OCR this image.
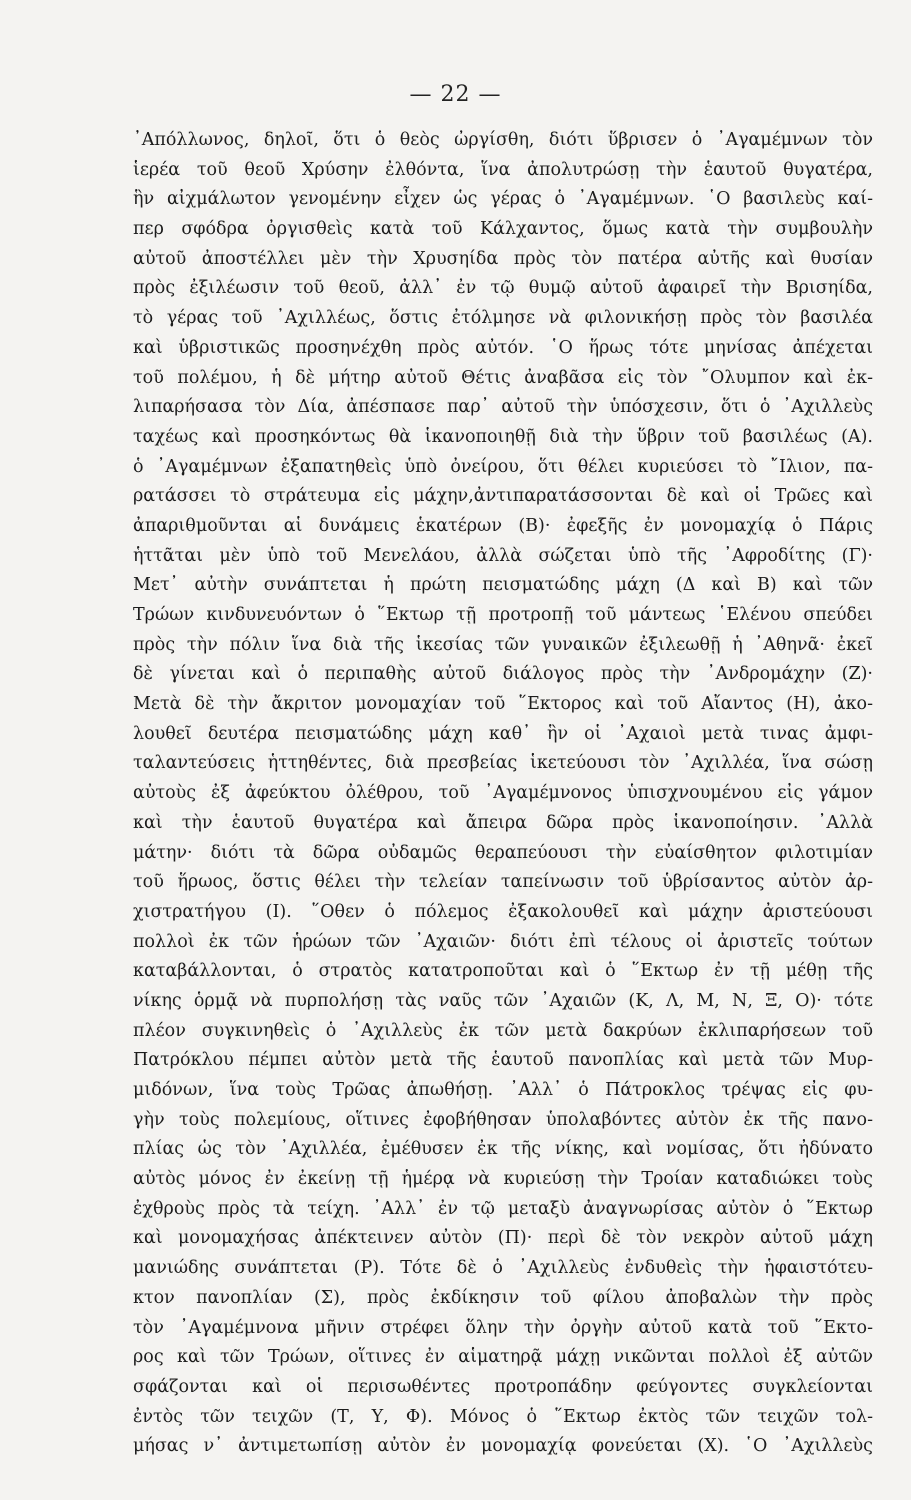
— 22 —
᾿Απόλλωνος, δηλοῖ, ὅτι ὁ θεὸς ὠργίσθη, διότι ὕβρισεν ὁ ᾿Αγαμέμνων τὸν
ἱερέα τοῦ θεοῦ Χρύσην ἐλθόντα, ἵνα ἀπολυτρώσῃ τὴν ἑαυτοῦ θυγατέρα,
ἣν αἰχμάλωτον γενομένην εἶχεν ὡς γέρας ὁ ᾿Αγαμέμνων. ῾Ο βασιλεὺς καί-
περ σφόδρα ὀργισθεὶς κατὰ τοῦ Κάλχαντος, ὅμως κατὰ τὴν συμβουλὴν
αὐτοῦ ἀποστέλλει μὲν τὴν Χρυσηίδα πρὸς τὸν πατέρα αὐτῆς καὶ θυσίαν
πρὸς ἐξιλέωσιν τοῦ θεοῦ, ἀλλ᾿ ἐν τῷ θυμῷ αὐτοῦ ἀφαιρεῖ τὴν Βρισηίδα,
τὸ γέρας τοῦ ᾿Αχιλλέως, ὅστις ἐτόλμησε νὰ φιλονικήσῃ πρὸς τὸν βασιλέα
καὶ ὑβριστικῶς προσηνέχθη πρὸς αὐτόν. ῾Ο ἥρως τότε μηνίσας ἀπέχεται
τοῦ πολέμου, ἡ δὲ μήτηρ αὐτοῦ Θέτις ἀναβᾶσα εἰς τὸν ῎Ολυμπον καὶ ἐκ-
λιπαρήσασα τὸν Δία, ἀπέσπασε παρ᾿ αὐτοῦ τὴν ὑπόσχεσιν, ὅτι ὁ ᾿Αχιλλεὺς
ταχέως καὶ προσηκόντως θὰ ἱκανοποιηθῇ διὰ τὴν ὕβριν τοῦ βασιλέως (Α).
ὁ ᾿Αγαμέμνων ἐξαπατηθεὶς ὑπὸ ὀνείρου, ὅτι θέλει κυριεύσει τὸ ῎Ιλιον, πα-
ρατάσσει τὸ στράτευμα εἰς μάχην,ἀντιπαρατάσσονται δὲ καὶ οἱ Τρῶες καὶ
ἀπαριθμοῦνται αἱ δυνάμεις ἑκατέρων (Β)· ἐφεξῆς ἐν μονομαχίᾳ ὁ Πάρις
ἡττᾶται μὲν ὑπὸ τοῦ Μενελάου, ἀλλὰ σώζεται ὑπὸ τῆς ᾿Αφροδίτης (Γ)·
Μετ᾿ αὐτὴν συνάπτεται ἡ πρώτη πεισματώδης μάχη (Δ καὶ Β) καὶ τῶν
Τρώων κινδυνευόντων ὁ ῞Εκτωρ τῇ προτροπῇ τοῦ μάντεως ῾Ελένου σπεύδει
πρὸς τὴν πόλιν ἵνα διὰ τῆς ἱκεσίας τῶν γυναικῶν ἐξιλεωθῇ ἡ ᾿Αθηνᾶ· ἐκεῖ
δὲ γίνεται καὶ ὁ περιπαθὴς αὐτοῦ διάλογος πρὸς τὴν ᾿Ανδρομάχην (Ζ)·
Μετὰ δὲ τὴν ἄκριτον μονομαχίαν τοῦ ῞Εκτορος καὶ τοῦ Αἴαντος (Η), ἀκο-
λουθεῖ δευτέρα πεισματώδης μάχη καθ᾿ ἣν οἱ ᾿Αχαιοὶ μετὰ τινας ἀμφι-
ταλαντεύσεις ἡττηθέντες, διὰ πρεσβείας ἱκετεύουσι τὸν ᾿Αχιλλέα, ἵνα σώσῃ
αὐτοὺς ἐξ ἀφεύκτου ὀλέθρου, τοῦ ᾿Αγαμέμνονος ὑπισχνουμένου εἰς γάμον
καὶ τὴν ἑαυτοῦ θυγατέρα καὶ ἄπειρα δῶρα πρὸς ἱκανοποίησιν. ᾿Αλλὰ
μάτην· διότι τὰ δῶρα οὐδαμῶς θεραπεύουσι τὴν εὐαίσθητον φιλοτιμίαν
τοῦ ἥρωος, ὅστις θέλει τὴν τελείαν ταπείνωσιν τοῦ ὑβρίσαντος αὐτὸν ἀρ-
χιστρατήγου (Ι). ῞Οθεν ὁ πόλεμος ἐξακολουθεῖ καὶ μάχην ἀριστεύουσι
πολλοὶ ἐκ τῶν ἡρώων τῶν ᾿Αχαιῶν· διότι ἐπὶ τέλους οἱ ἀριστεῖς τούτων
καταβάλλονται, ὁ στρατὸς κατατροποῦται καὶ ὁ ῞Εκτωρ ἐν τῇ μέθῃ τῆς
νίκης ὁρμᾷ νὰ πυρπολήσῃ τὰς ναῦς τῶν ᾿Αχαιῶν (Κ, Λ, Μ, Ν, Ξ, Ο)· τότε
πλέον συγκινηθεὶς ὁ ᾿Αχιλλεὺς ἐκ τῶν μετὰ δακρύων ἐκλιπαρήσεων τοῦ
Πατρόκλου πέμπει αὐτὸν μετὰ τῆς ἑαυτοῦ πανοπλίας καὶ μετὰ τῶν Μυρ-
μιδόνων, ἵνα τοὺς Τρῶας ἀπωθήσῃ. ᾿Αλλ᾿ ὁ Πάτροκλος τρέψας εἰς φυ-
γὴν τοὺς πολεμίους, οἵτινες ἐφοβήθησαν ὑπολαβόντες αὐτὸν ἐκ τῆς πανο-
πλίας ὡς τὸν ᾿Αχιλλέα, ἐμέθυσεν ἐκ τῆς νίκης, καὶ νομίσας, ὅτι ἠδύνατο
αὐτὸς μόνος ἐν ἐκείνῃ τῇ ἡμέρᾳ νὰ κυριεύσῃ τὴν Τροίαν καταδιώκει τοὺς
ἐχθροὺς πρὸς τὰ τείχη. ᾿Αλλ᾿ ἐν τῷ μεταξὺ ἀναγνωρίσας αὐτὸν ὁ ῞Εκτωρ
καὶ μονομαχήσας ἀπέκτεινεν αὐτὸν (Π)· περὶ δὲ τὸν νεκρὸν αὐτοῦ μάχη
μανιώδης συνάπτεται (Ρ). Τότε δὲ ὁ ᾿Αχιλλεὺς ἐνδυθεὶς τὴν ἡφαιστότευ-
κτον πανοπλίαν (Σ), πρὸς ἐκδίκησιν τοῦ φίλου ἀποβαλὼν τὴν πρὸς
τὸν ᾿Αγαμέμνονα μῆνιν στρέφει ὅλην τὴν ὀργὴν αὐτοῦ κατὰ τοῦ ῞Εκτο-
ρος καὶ τῶν Τρώων, οἵτινες ἐν αἱματηρᾷ μάχῃ νικῶνται πολλοὶ ἐξ αὐτῶν
σφάζονται καὶ οἱ περισωθέντες προτροπάδην φεύγοντες συγκλείονται
ἐντὸς τῶν τειχῶν (Τ, Υ, Φ). Μόνος ὁ ῞Εκτωρ ἐκτὸς τῶν τειχῶν τολ-
μήσας ν᾿ ἀντιμετωπίσῃ αὐτὸν ἐν μονομαχίᾳ φονεύεται (Χ). ῾Ο ᾿Αχιλλεὺς
